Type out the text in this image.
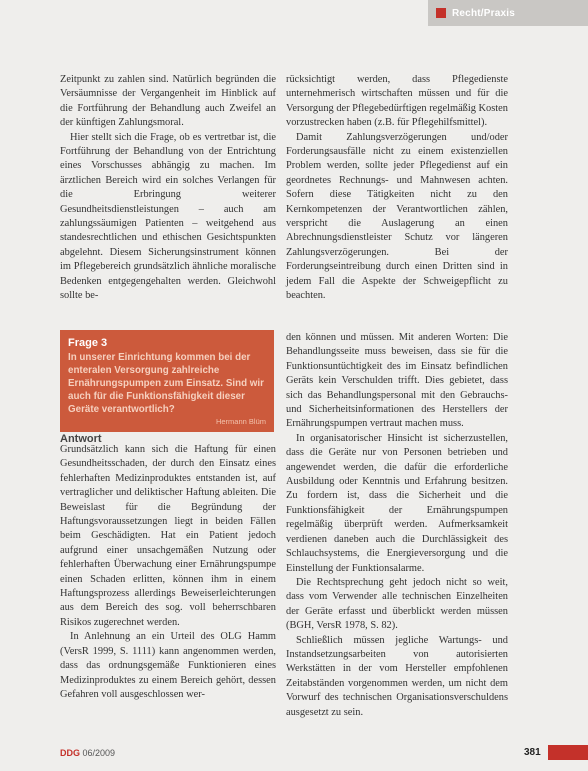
Recht/Praxis

Zeitpunkt zu zahlen sind. Natürlich begründen die Versäumnisse der Vergangenheit im Hinblick auf die Fortführung der Behandlung auch Zweifel an der künftigen Zahlungsmoral.

Hier stellt sich die Frage, ob es vertretbar ist, die Fortführung der Behandlung von der Entrichtung eines Vorschusses abhängig zu machen. Im ärztlichen Bereich wird ein solches Verlangen für die Erbringung weiterer Gesundheitsdienstleistungen – auch am zahlungssäumigen Patienten – weitgehend aus standesrechtlichen und ethischen Gesichtspunkten abgelehnt. Diesem Sicherungsinstrument können im Pflegebereich grundsätzlich ähnliche moralische Bedenken entgegengehalten werden. Gleichwohl sollte be-

rücksichtigt werden, dass Pflegedienste unternehmerisch wirtschaften müssen und für die Versorgung der Pflegebedürftigen regelmäßig Kosten vorzustrecken haben (z.B. für Pflegehilfsmittel).

Damit Zahlungsverzögerungen und/oder Forderungsausfälle nicht zu einem existenziellen Problem werden, sollte jeder Pflegedienst auf ein geordnetes Rechnungs- und Mahnwesen achten. Sofern diese Tätigkeiten nicht zu den Kernkompetenzen der Verantwortlichen zählen, verspricht die Auslagerung an einen Abrechnungsdienstleister Schutz vor längeren Zahlungsverzögerungen. Bei der Forderungseintreibung durch einen Dritten sind in jedem Fall die Aspekte der Schweigepflicht zu beachten.

Frage 3
In unserer Einrichtung kommen bei der enteralen Versorgung zahlreiche Ernährungspumpen zum Einsatz. Sind wir auch für die Funktionsfähigkeit dieser Geräte verantwortlich?
Hermann Blüm
Antwort

Grundsätzlich kann sich die Haftung für einen Gesundheitsschaden, der durch den Einsatz eines fehlerhaften Medizinproduktes entstanden ist, auf vertraglicher und deliktischer Haftung ableiten. Die Beweislast für die Begründung der Haftungsvoraussetzungen liegt in beiden Fällen beim Geschädigten. Hat ein Patient jedoch aufgrund einer unsachgemäßen Nutzung oder fehlerhaften Überwachung einer Ernährungspumpe einen Schaden erlitten, können ihm in einem Haftungsprozess allerdings Beweiserleichterungen aus dem Bereich des sog. voll beherrschbaren Risikos zugerechnet werden.

In Anlehnung an ein Urteil des OLG Hamm (VersR 1999, S. 1111) kann angenommen werden, dass das ordnungsgemäße Funktionieren eines Medizinproduktes zu einem Bereich gehört, dessen Gefahren voll ausgeschlossen wer-

den können und müssen. Mit anderen Worten: Die Behandlungsseite muss beweisen, dass sie für die Funktionsuntüchtigkeit des im Einsatz befindlichen Geräts kein Verschulden trifft. Dies gebietet, dass sich das Behandlungspersonal mit den Gebrauchs- und Sicherheitsinformationen des Herstellers der Ernährungspumpen vertraut machen muss.

In organisatorischer Hinsicht ist sicherzustellen, dass die Geräte nur von Personen betrieben und angewendet werden, die dafür die erforderliche Ausbildung oder Kenntnis und Erfahrung besitzen. Zu fordern ist, dass die Sicherheit und die Funktionsfähigkeit der Ernährungspumpen regelmäßig überprüft werden. Aufmerksamkeit verdienen daneben auch die Durchlässigkeit des Schlauchsystems, die Energieversorgung und die Einstellung der Funktionsalarme.

Die Rechtsprechung geht jedoch nicht so weit, dass vom Verwender alle technischen Einzelheiten der Geräte erfasst und überblickt werden müssen (BGH, VersR 1978, S. 82).

Schließlich müssen jegliche Wartungs- und Instandsetzungsarbeiten von autorisierten Werkstätten in der vom Hersteller empfohlenen Zeitabständen vorgenommen werden, um nicht dem Vorwurf des technischen Organisationsverschuldens ausgesetzt zu sein.

DDG 06/2009	381
